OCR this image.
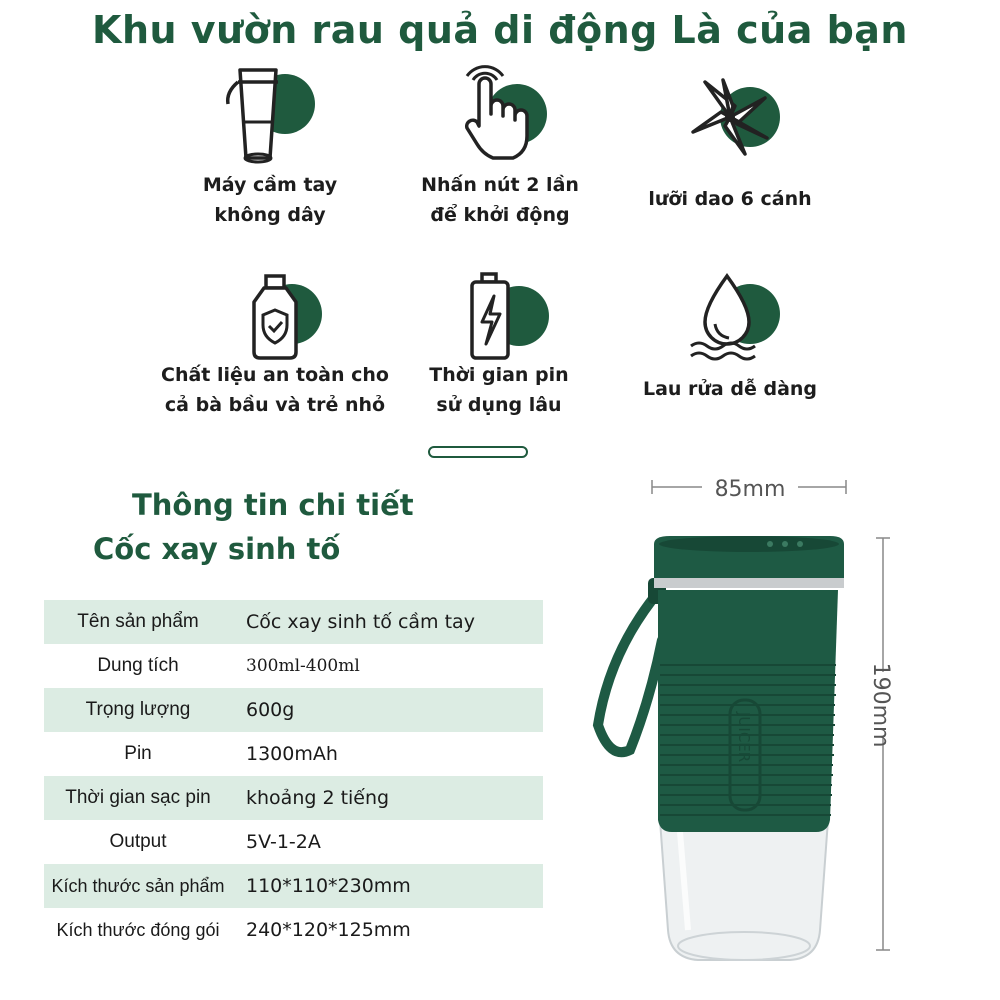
Khu vườn rau quả di động Là của bạn
Máy cầm tay
không dây
Nhấn nút 2 lần
để khởi động
lưỡi dao 6 cánh
Chất liệu an toàn cho
cả bà bầu và trẻ nhỏ
Thời gian pin
sử dụng lâu
Lau rửa dễ dàng
Thông tin chi tiết
Cốc xay sinh tố
Tên sản phẩm	Cốc xay sinh tố cầm tay
Dung tích	300ml-400ml
Trọng lượng	600g
Pin	1300mAh
Thời gian sạc pin	khoảng 2 tiếng
Output	5V-1-2A
Kích thước sản phẩm	110*110*230mm
Kích thước đóng gói	240*120*125mm
JUICER
85mm
190mm
